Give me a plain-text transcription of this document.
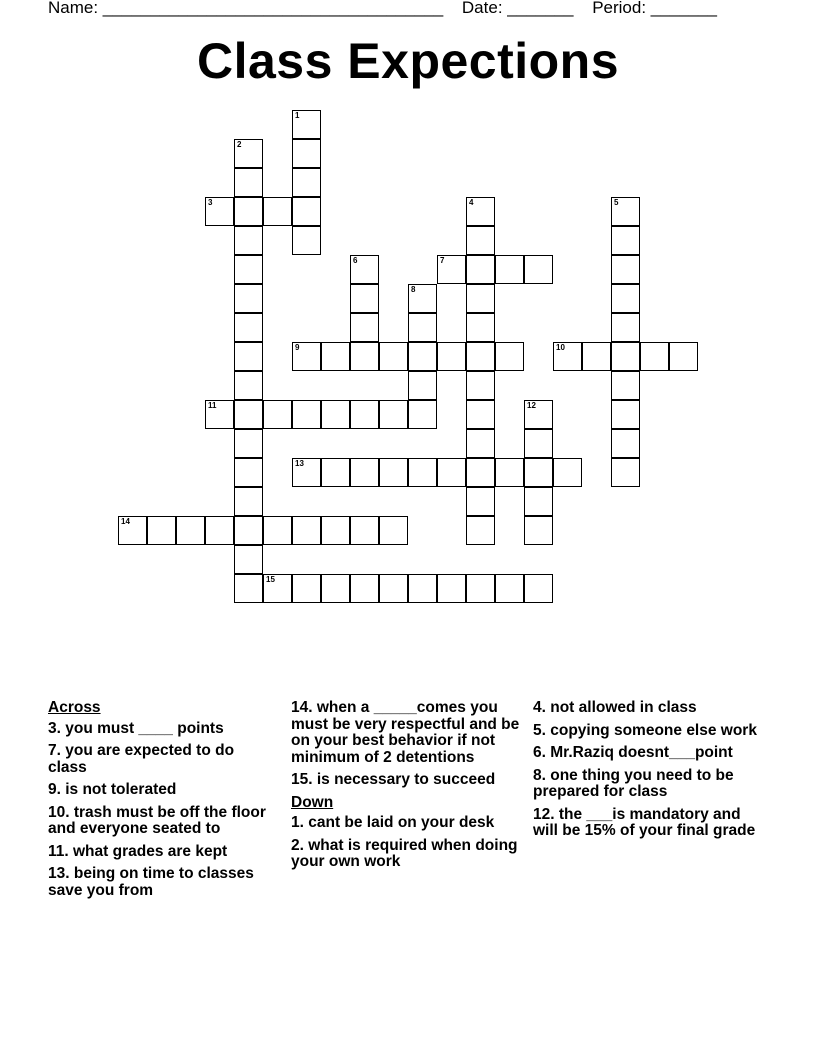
Name: ____________________________________ Date: _______ Period: _______
Class Expections
1
2
3	4	5
6	7
8
9	10
11	12
13
14
15
Across
3. you must ____ points
7. you are expected to do class
9. is not tolerated
10. trash must be off the floor and everyone seated to
11. what grades are kept
13. being on time to classes save you from
14. when a _____comes you must be very respectful and be on your best behavior if not minimum of 2 detentions
15. is necessary to succeed
Down
1. cant be laid on your desk
2. what is required when doing your own work
4. not allowed in class
5. copying someone else work
6. Mr.Raziq doesnt___point
8. one thing you need to be prepared for class
12. the ___is mandatory and will be 15% of your final grade
